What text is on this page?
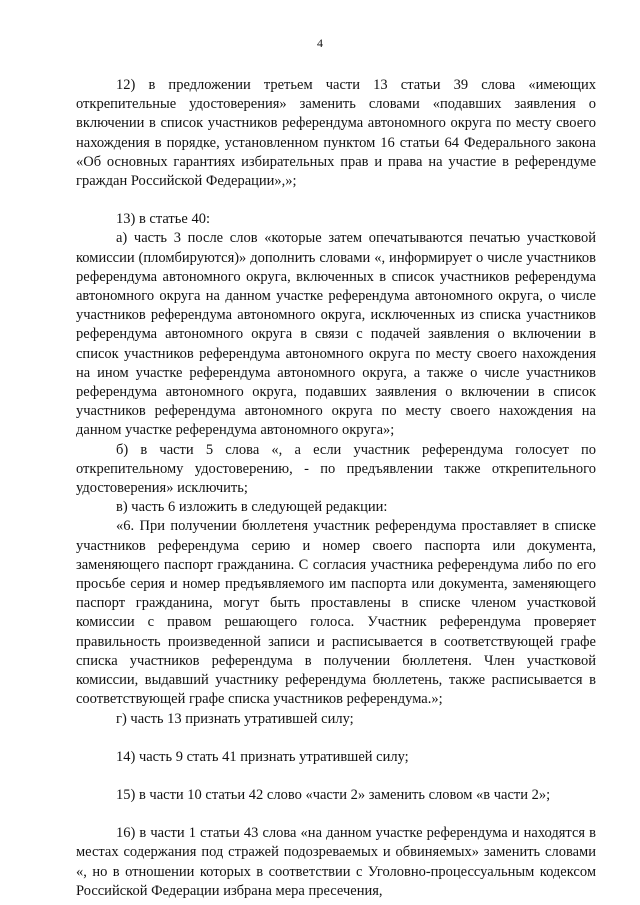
4

12) в предложении третьем части 13 статьи 39 слова «имеющих открепительные удостоверения» заменить словами «подавших заявления о включении в список участников референдума автономного округа по месту своего нахождения в порядке, установленном пунктом 16 статьи 64 Федерального закона «Об основных гарантиях избирательных прав и права на участие в референдуме граждан Российской Федерации»,»;

13) в статье 40:

а) часть 3 после слов «которые затем опечатываются печатью участковой комиссии (пломбируются)» дополнить словами «, информирует о числе участников референдума автономного округа, включенных в список участников референдума автономного округа на данном участке референдума автономного округа, о числе участников референдума автономного округа, исключенных из списка участников референдума автономного округа в связи с подачей заявления о включении в список участников референдума автономного округа по месту своего нахождения на ином участке референдума автономного округа, а также о числе участников референдума автономного округа, подавших заявления о включении в список участников референдума автономного округа по месту своего нахождения на данном участке референдума автономного округа»;

б) в части 5 слова «, а если участник референдума голосует по открепительному удостоверению, - по предъявлении также открепительного удостоверения» исключить;

в) часть 6 изложить в следующей редакции:

«6. При получении бюллетеня участник референдума проставляет в списке участников референдума серию и номер своего паспорта или документа, заменяющего паспорт гражданина. С согласия участника референдума либо по его просьбе серия и номер предъявляемого им паспорта или документа, заменяющего паспорт гражданина, могут быть проставлены в списке членом участковой комиссии с правом решающего голоса. Участник референдума проверяет правильность произведенной записи и расписывается в соответствующей графе списка участников референдума в получении бюллетеня. Член участковой комиссии, выдавший участнику референдума бюллетень, также расписывается в соответствующей графе списка участников референдума.»;

г) часть 13 признать утратившей силу;

14) часть 9 стать 41 признать утратившей силу;

15) в части 10 статьи 42 слово «части 2» заменить словом «в части 2»;

16) в части 1 статьи 43 слова «на данном участке референдума и находятся в местах содержания под стражей подозреваемых и обвиняемых» заменить словами «, но в отношении которых в соответствии с Уголовно-процессуальным кодексом Российской Федерации избрана мера пресечения,
